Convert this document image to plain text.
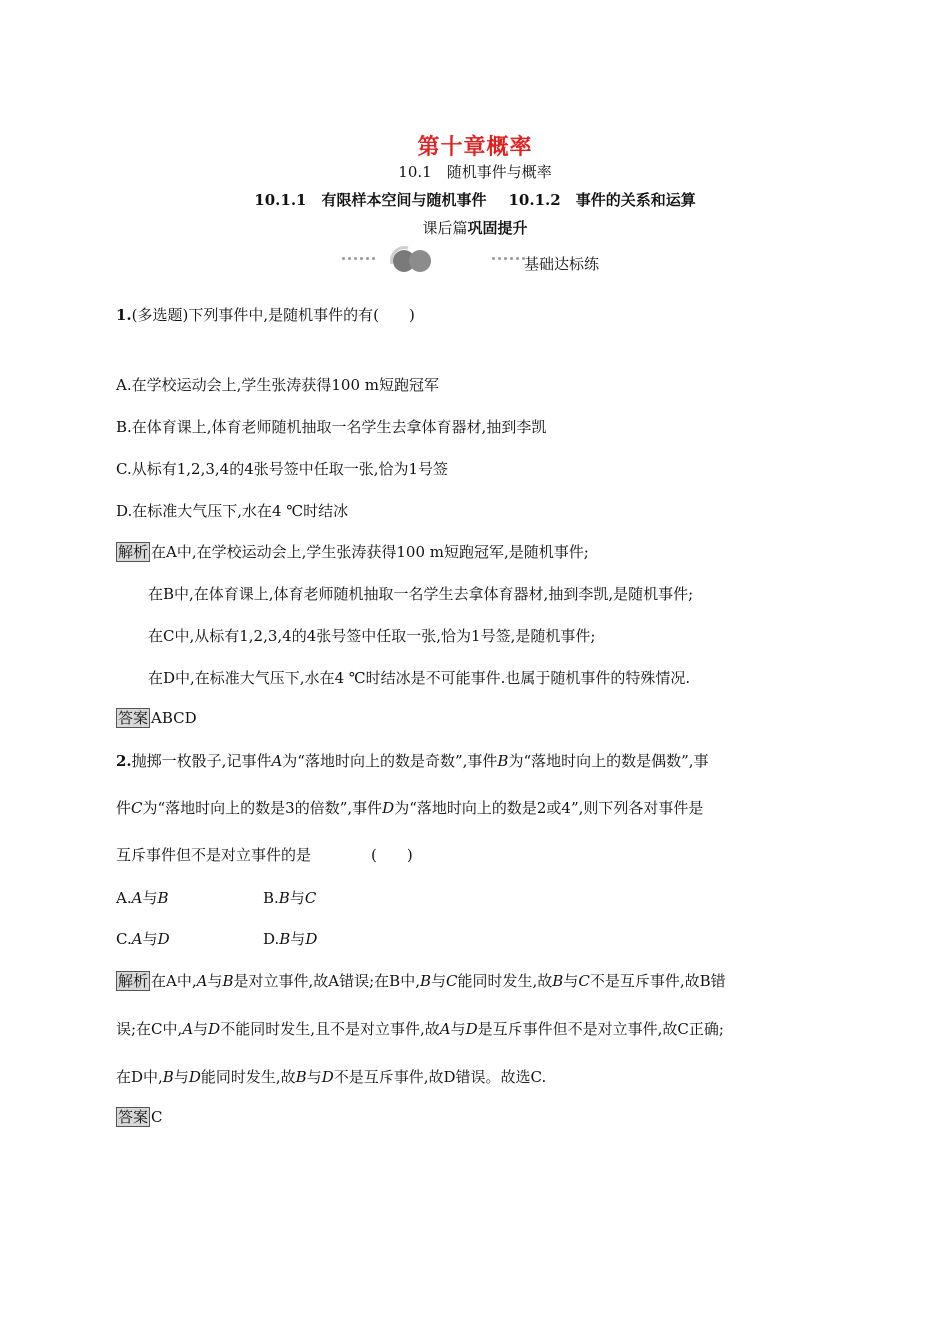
第十章概率
10.1　随机事件与概率
10.1.1　有限样本空间与随机事件 10.1.2　事件的关系和运算
课后篇巩固提升
基础达标练
1.(多选题)下列事件中,是随机事件的有(　　)
A.在学校运动会上,学生张涛获得100 m短跑冠军
B.在体育课上,体育老师随机抽取一名学生去拿体育器材,抽到李凯
C.从标有1,2,3,4的4张号签中任取一张,恰为1号签
D.在标准大气压下,水在4 ℃时结冰
解析 在A中,在学校运动会上,学生张涛获得100 m短跑冠军,是随机事件;
在B中,在体育课上,体育老师随机抽取一名学生去拿体育器材,抽到李凯,是随机事件;
在C中,从标有1,2,3,4的4张号签中任取一张,恰为1号签,是随机事件;
在D中,在标准大气压下,水在4 ℃时结冰是不可能事件.也属于随机事件的特殊情况.
答案 ABCD
2.抛掷一枚骰子,记事件A为“落地时向上的数是奇数”,事件B为“落地时向上的数是偶数”,事
件C为“落地时向上的数是3的倍数”,事件D为“落地时向上的数是2或4”,则下列各对事件是
互斥事件但不是对立事件的是　　　　(　　)
A.A与B	B.B与C
C.A与D	D.B与D
解析 在A中,A与B是对立事件,故A错误;在B中,B与C能同时发生,故B与C不是互斥事件,故B错
误;在C中,A与D不能同时发生,且不是对立事件,故A与D是互斥事件但不是对立事件,故C正确;
在D中,B与D能同时发生,故B与D不是互斥事件,故D错误。故选C.
答案 C
